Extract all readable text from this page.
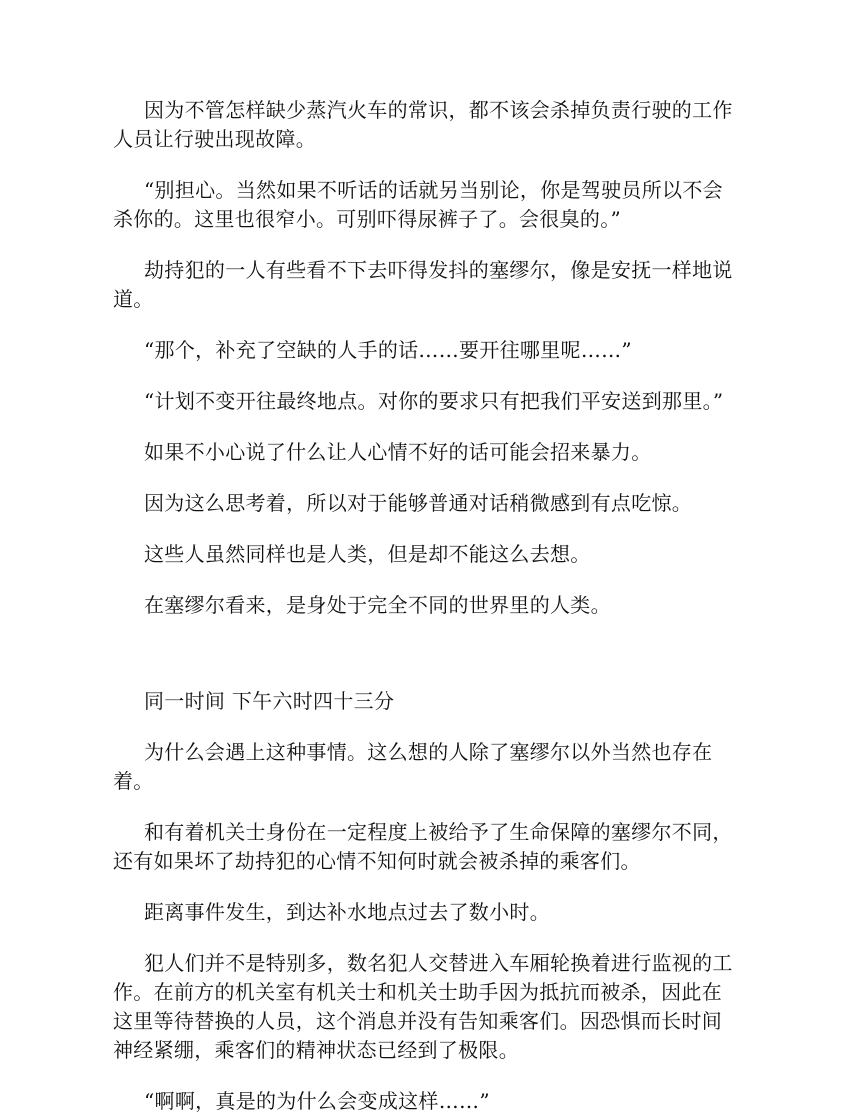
因为不管怎样缺少蒸汽火车的常识，都不该会杀掉负责行驶的工作人员让行驶出现故障。

“别担心。当然如果不听话的话就另当别论，你是驾驶员所以不会杀你的。这里也很窄小。可别吓得尿裤子了。会很臭的。”

劫持犯的一人有些看不下去吓得发抖的塞缪尔，像是安抚一样地说道。

“那个，补充了空缺的人手的话……要开往哪里呢……”

“计划不变开往最终地点。对你的要求只有把我们平安送到那里。”

如果不小心说了什么让人心情不好的话可能会招来暴力。

因为这么思考着，所以对于能够普通对话稍微感到有点吃惊。

这些人虽然同样也是人类，但是却不能这么去想。

在塞缪尔看来，是身处于完全不同的世界里的人类。

同一时间 下午六时四十三分

为什么会遇上这种事情。这么想的人除了塞缪尔以外当然也存在着。

和有着机关士身份在一定程度上被给予了生命保障的塞缪尔不同，还有如果坏了劫持犯的心情不知何时就会被杀掉的乘客们。

距离事件发生，到达补水地点过去了数小时。

犯人们并不是特别多，数名犯人交替进入车厢轮换着进行监视的工作。在前方的机关室有机关士和机关士助手因为抵抗而被杀，因此在这里等待替换的人员，这个消息并没有告知乘客们。因恐惧而长时间神经紧绷，乘客们的精神状态已经到了极限。

“啊啊，真是的为什么会变成这样……”
